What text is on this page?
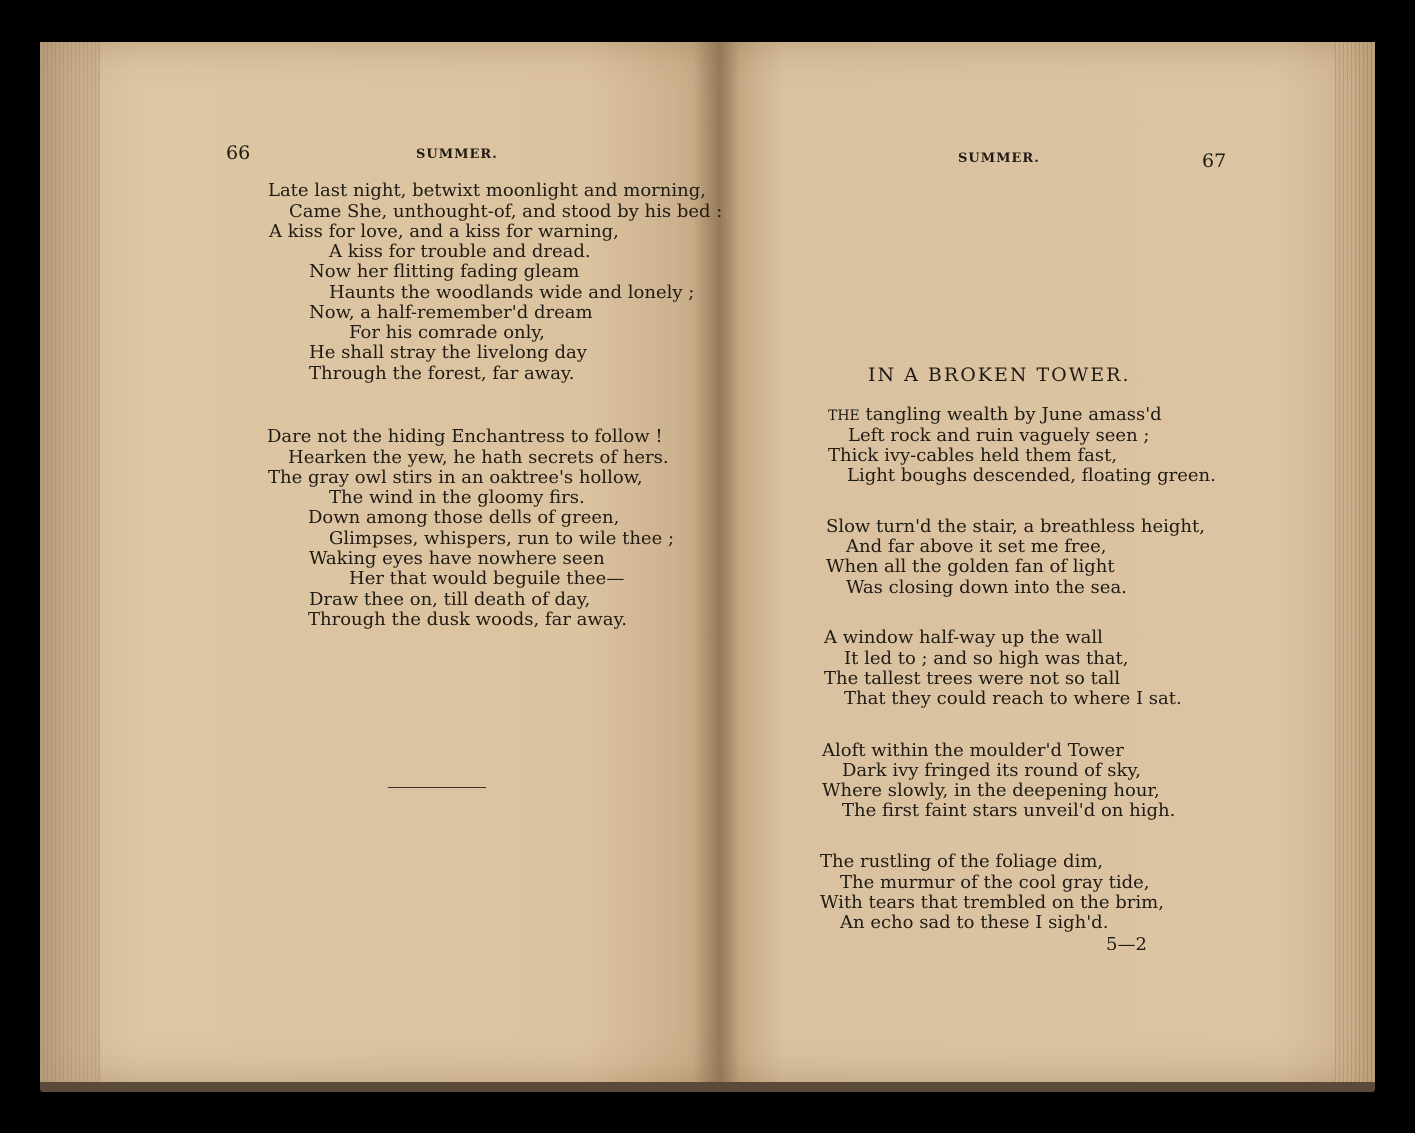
66	SUMMER.
Late last night, betwixt moonlight and morning,
Came She, unthought-of, and stood by his bed :
A kiss for love, and a kiss for warning,
A kiss for trouble and dread.
Now her flitting fading gleam
Haunts the woodlands wide and lonely ;
Now, a half-remember'd dream
For his comrade only,
He shall stray the livelong day
Through the forest, far away.
Dare not the hiding Enchantress to follow !
Hearken the yew, he hath secrets of hers.
The gray owl stirs in an oaktree's hollow,
The wind in the gloomy firs.
Down among those dells of green,
Glimpses, whispers, run to wile thee ;
Waking eyes have nowhere seen
Her that would beguile thee—
Draw thee on, till death of day,
Through the dusk woods, far away.
SUMMER.	67
IN A BROKEN TOWER.
THE tangling wealth by June amass'd
Left rock and ruin vaguely seen ;
Thick ivy-cables held them fast,
Light boughs descended, floating green.
Slow turn'd the stair, a breathless height,
And far above it set me free,
When all the golden fan of light
Was closing down into the sea.
A window half-way up the wall
It led to ; and so high was that,
The tallest trees were not so tall
That they could reach to where I sat.
Aloft within the moulder'd Tower
Dark ivy fringed its round of sky,
Where slowly, in the deepening hour,
The first faint stars unveil'd on high.
The rustling of the foliage dim,
The murmur of the cool gray tide,
With tears that trembled on the brim,
An echo sad to these I sigh'd.
5—2
